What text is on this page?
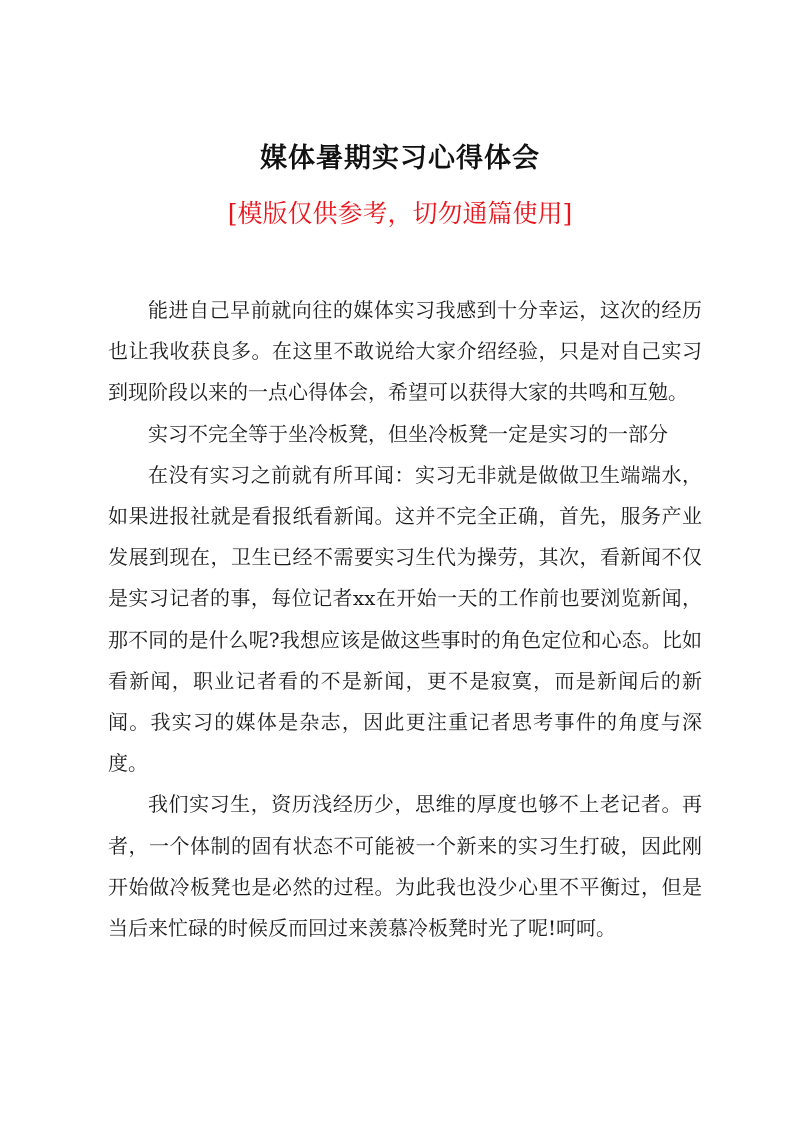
媒体暑期实习心得体会
[模版仅供参考，切勿通篇使用]

能进自己早前就向往的媒体实习我感到十分幸运，这次的经历也让我收获良多。在这里不敢说给大家介绍经验，只是对自己实习到现阶段以来的一点心得体会，希望可以获得大家的共鸣和互勉。

实习不完全等于坐冷板凳，但坐冷板凳一定是实习的一部分

在没有实习之前就有所耳闻：实习无非就是做做卫生端端水，如果进报社就是看报纸看新闻。这并不完全正确，首先，服务产业发展到现在，卫生已经不需要实习生代为操劳，其次，看新闻不仅是实习记者的事，每位记者xx在开始一天的工作前也要浏览新闻，那不同的是什么呢?我想应该是做这些事时的角色定位和心态。比如看新闻，职业记者看的不是新闻，更不是寂寞，而是新闻后的新闻。我实习的媒体是杂志，因此更注重记者思考事件的角度与深度。

我们实习生，资历浅经历少，思维的厚度也够不上老记者。再者，一个体制的固有状态不可能被一个新来的实习生打破，因此刚开始做冷板凳也是必然的过程。为此我也没少心里不平衡过，但是当后来忙碌的时候反而回过来羡慕冷板凳时光了呢!呵呵。
